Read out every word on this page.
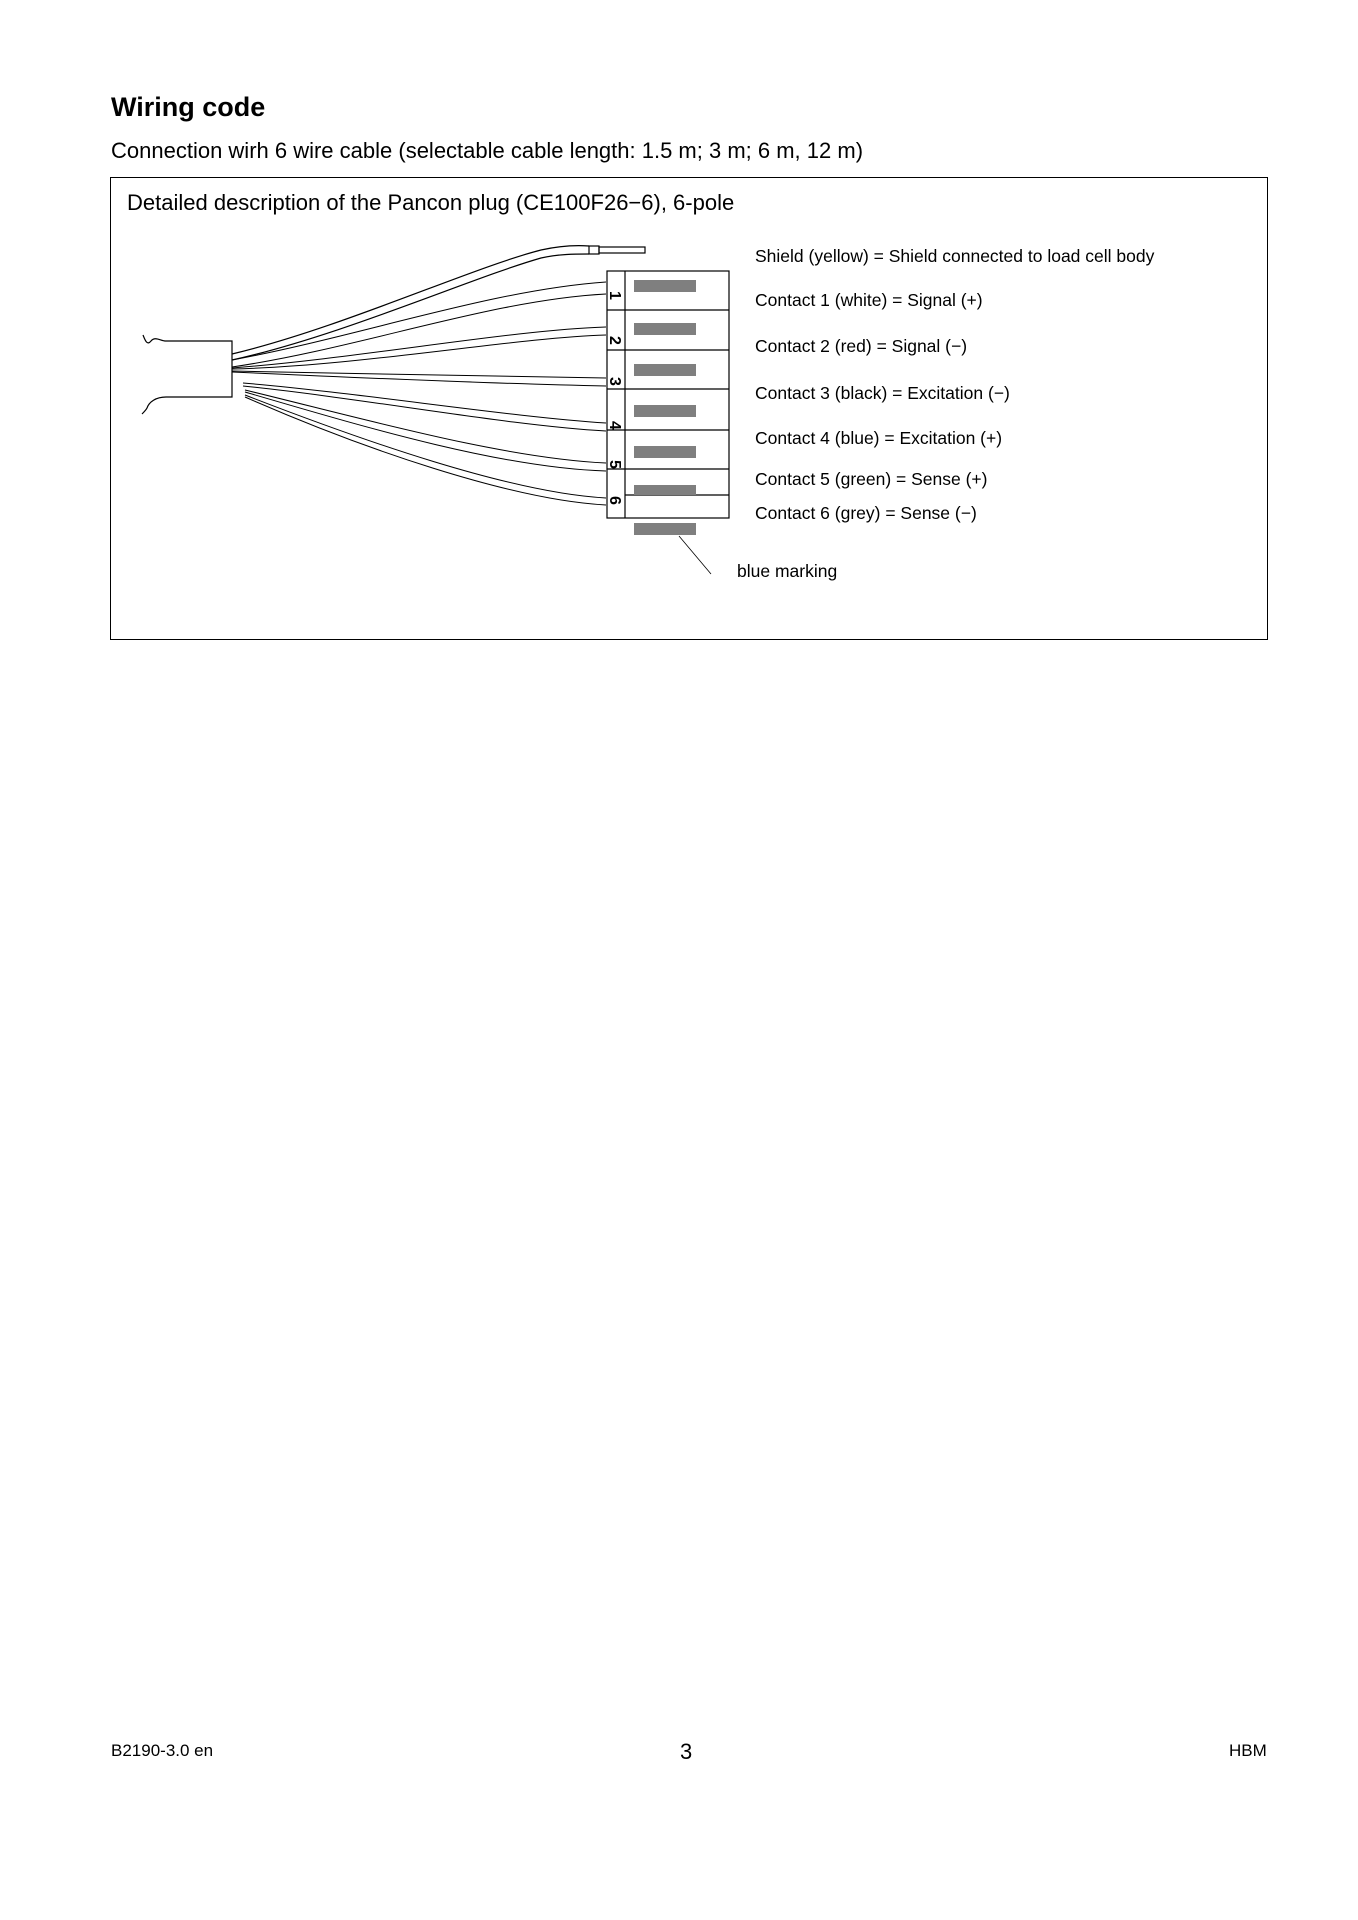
Wiring code

Connection wirh 6 wire cable (selectable cable length: 1.5 m; 3 m; 6 m, 12 m)

Detailed description of the Pancon plug (CE100F26−6), 6-pole

1
2
3
4
5
6
Shield (yellow) = Shield connected to load cell body
Contact 1 (white) = Signal (+)
Contact 2 (red) = Signal (−)
Contact 3 (black) = Excitation (−)
Contact 4 (blue) = Excitation (+)
Contact 5 (green) = Sense (+)
Contact 6 (grey) = Sense (−)
blue marking
B2190-3.0 en	3	HBM
